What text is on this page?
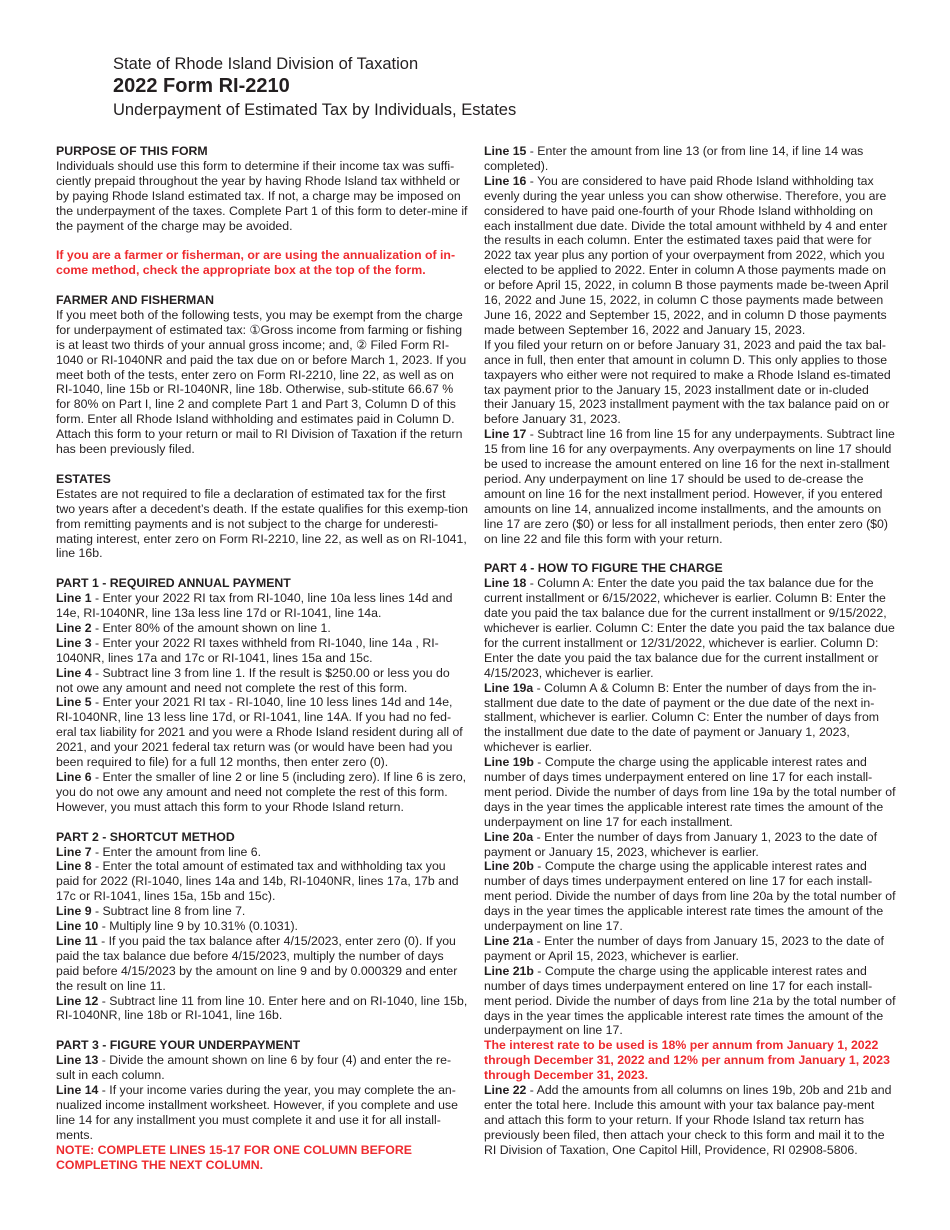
State of Rhode Island Division of Taxation
2022 Form RI-2210
Underpayment of Estimated Tax by Individuals, Estates
PURPOSE OF THIS FORM
Individuals should use this form to determine if their income tax was suffi-ciently prepaid throughout the year by having Rhode Island tax withheld or by paying Rhode Island estimated tax. If not, a charge may be imposed on the underpayment of the taxes. Complete Part 1 of this form to deter-mine if the payment of the charge may be avoided.
If you are a farmer or fisherman, or are using the annualization of in-come method, check the appropriate box at the top of the form.
FARMER AND FISHERMAN
If you meet both of the following tests, you may be exempt from the charge for underpayment of estimated tax: ①Gross income from farming or fishing is at least two thirds of your annual gross income; and, ② Filed Form RI-1040 or RI-1040NR and paid the tax due on or before March 1, 2023. If you meet both of the tests, enter zero on Form RI-2210, line 22, as well as on RI-1040, line 15b or RI-1040NR, line 18b. Otherwise, sub-stitute 66.67 % for 80% on Part I, line 2 and complete Part 1 and Part 3, Column D of this form. Enter all Rhode Island withholding and estimates paid in Column D. Attach this form to your return or mail to RI Division of Taxation if the return has been previously filed.
ESTATES
Estates are not required to file a declaration of estimated tax for the first two years after a decedent’s death. If the estate qualifies for this exemp-tion from remitting payments and is not subject to the charge for underesti-mating interest, enter zero on Form RI-2210, line 22, as well as on RI-1041, line 16b.
PART 1 - REQUIRED ANNUAL PAYMENT
Line 1 - Enter your 2022 RI tax from RI-1040, line 10a less lines 14d and 14e, RI-1040NR, line 13a less line 17d or RI-1041, line 14a.
Line 2 - Enter 80% of the amount shown on line 1.
Line 3 - Enter your 2022 RI taxes withheld from RI-1040, line 14a , RI-1040NR, lines 17a and 17c or RI-1041, lines 15a and 15c.
Line 4 - Subtract line 3 from line 1. If the result is $250.00 or less you do not owe any amount and need not complete the rest of this form.
Line 5 - Enter your 2021 RI tax - RI-1040, line 10 less lines 14d and 14e, RI-1040NR, line 13 less line 17d, or RI-1041, line 14A. If you had no fed-eral tax liability for 2021 and you were a Rhode Island resident during all of 2021, and your 2021 federal tax return was (or would have been had you been required to file) for a full 12 months, then enter zero (0).
Line 6 - Enter the smaller of line 2 or line 5 (including zero). If line 6 is zero, you do not owe any amount and need not complete the rest of this form. However, you must attach this form to your Rhode Island return.
PART 2 - SHORTCUT METHOD
Line 7 - Enter the amount from line 6.
Line 8 - Enter the total amount of estimated tax and withholding tax you paid for 2022 (RI-1040, lines 14a and 14b, RI-1040NR, lines 17a, 17b and 17c or RI-1041, lines 15a, 15b and 15c).
Line 9 - Subtract line 8 from line 7.
Line 10 - Multiply line 9 by 10.31% (0.1031).
Line 11 - If you paid the tax balance after 4/15/2023, enter zero (0). If you paid the tax balance due before 4/15/2023, multiply the number of days paid before 4/15/2023 by the amount on line 9 and by 0.000329 and enter the result on line 11.
Line 12 - Subtract line 11 from line 10. Enter here and on RI-1040, line 15b, RI-1040NR, line 18b or RI-1041, line 16b.
PART 3 - FIGURE YOUR UNDERPAYMENT
Line 13 - Divide the amount shown on line 6 by four (4) and enter the re-sult in each column.
Line 14 - If your income varies during the year, you may complete the an-nualized income installment worksheet. However, if you complete and use line 14 for any installment you must complete it and use it for all install-ments.
NOTE: COMPLETE LINES 15-17 FOR ONE COLUMN BEFORE COMPLETING THE NEXT COLUMN.
Line 15 - Enter the amount from line 13 (or from line 14, if line 14 was completed).
Line 16 - You are considered to have paid Rhode Island withholding tax evenly during the year unless you can show otherwise. Therefore, you are considered to have paid one-fourth of your Rhode Island withholding on each installment due date. Divide the total amount withheld by 4 and enter the results in each column. Enter the estimated taxes paid that were for 2022 tax year plus any portion of your overpayment from 2022, which you elected to be applied to 2022. Enter in column A those payments made on or before April 15, 2022, in column B those payments made be-tween April 16, 2022 and June 15, 2022, in column C those payments made between June 16, 2022 and September 15, 2022, and in column D those payments made between September 16, 2022 and January 15, 2023.
If you filed your return on or before January 31, 2023 and paid the tax bal-ance in full, then enter that amount in column D. This only applies to those taxpayers who either were not required to make a Rhode Island es-timated tax payment prior to the January 15, 2023 installment date or in-cluded their January 15, 2023 installment payment with the tax balance paid on or before January 31, 2023.
Line 17 - Subtract line 16 from line 15 for any underpayments. Subtract line 15 from line 16 for any overpayments. Any overpayments on line 17 should be used to increase the amount entered on line 16 for the next in-stallment period. Any underpayment on line 17 should be used to de-crease the amount on line 16 for the next installment period. However, if you entered amounts on line 14, annualized income installments, and the amounts on line 17 are zero ($0) or less for all installment periods, then enter zero ($0) on line 22 and file this form with your return.
PART 4 - HOW TO FIGURE THE CHARGE
Line 18 - Column A: Enter the date you paid the tax balance due for the current installment or 6/15/2022, whichever is earlier. Column B: Enter the date you paid the tax balance due for the current installment or 9/15/2022, whichever is earlier. Column C: Enter the date you paid the tax balance due for the current installment or 12/31/2022, whichever is earlier. Column D: Enter the date you paid the tax balance due for the current installment or 4/15/2023, whichever is earlier.
Line 19a - Column A & Column B: Enter the number of days from the in-stallment due date to the date of payment or the due date of the next in-stallment, whichever is earlier. Column C: Enter the number of days from the installment due date to the date of payment or January 1, 2023, whichever is earlier.
Line 19b - Compute the charge using the applicable interest rates and number of days times underpayment entered on line 17 for each install-ment period. Divide the number of days from line 19a by the total number of days in the year times the applicable interest rate times the amount of the underpayment on line 17 for each installment.
Line 20a - Enter the number of days from January 1, 2023 to the date of payment or January 15, 2023, whichever is earlier.
Line 20b - Compute the charge using the applicable interest rates and number of days times underpayment entered on line 17 for each install-ment period. Divide the number of days from line 20a by the total number of days in the year times the applicable interest rate times the amount of the underpayment on line 17.
Line 21a - Enter the number of days from January 15, 2023 to the date of payment or April 15, 2023, whichever is earlier.
Line 21b - Compute the charge using the applicable interest rates and number of days times underpayment entered on line 17 for each install-ment period. Divide the number of days from line 21a by the total number of days in the year times the applicable interest rate times the amount of the underpayment on line 17.
The interest rate to be used is 18% per annum from January 1, 2022 through December 31, 2022 and 12% per annum from January 1, 2023 through December 31, 2023.
Line 22 - Add the amounts from all columns on lines 19b, 20b and 21b and enter the total here. Include this amount with your tax balance pay-ment and attach this form to your return. If your Rhode Island tax return has previously been filed, then attach your check to this form and mail it to the RI Division of Taxation, One Capitol Hill, Providence, RI 02908-5806.
